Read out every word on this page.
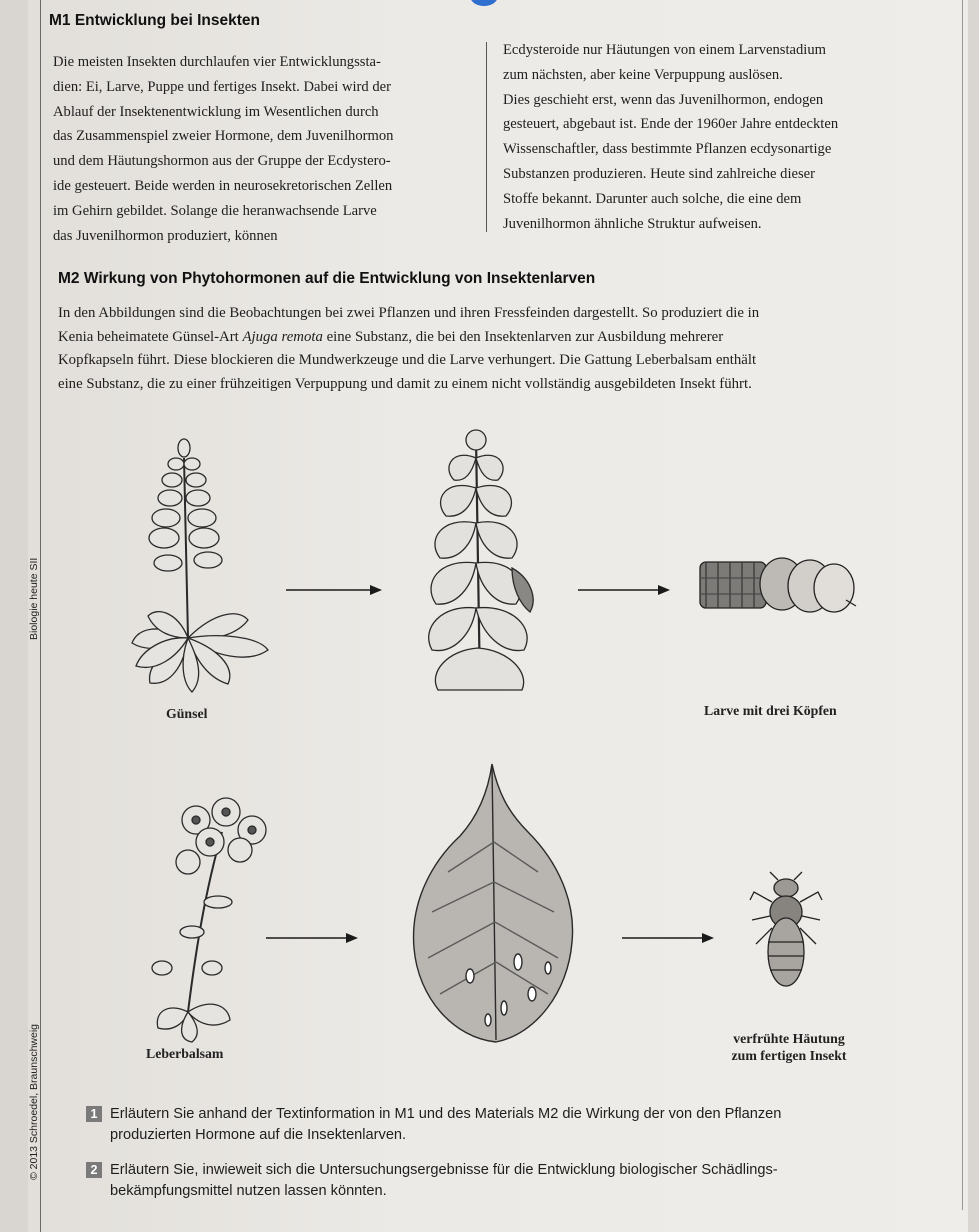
Biologie heute SII
© 2013 Schroedel, Braunschweig
M1 Entwicklung bei Insekten
Die meisten Insekten durchlaufen vier Entwicklungssta-
dien: Ei, Larve, Puppe und fertiges Insekt. Dabei wird der
Ablauf der Insektenentwicklung im Wesentlichen durch
das Zusammenspiel zweier Hormone, dem Juvenilhormon
und dem Häutungshormon aus der Gruppe der Ecdystero-
ide gesteuert. Beide werden in neurosekretorischen Zellen
im Gehirn gebildet. Solange die heranwachsende Larve
das Juvenilhormon produziert, können
Ecdysteroide nur Häutungen von einem Larvenstadium
zum nächsten, aber keine Verpuppung auslösen.
Dies geschieht erst, wenn das Juvenilhormon, endogen
gesteuert, abgebaut ist. Ende der 1960er Jahre entdeckten
Wissenschaftler, dass bestimmte Pflanzen ecdysonartige
Substanzen produzieren. Heute sind zahlreiche dieser
Stoffe bekannt. Darunter auch solche, die eine dem
Juvenilhormon ähnliche Struktur aufweisen.
M2 Wirkung von Phytohormonen auf die Entwicklung von Insektenlarven
In den Abbildungen sind die Beobachtungen bei zwei Pflanzen und ihren Fressfeinden dargestellt. So produziert die in
Kenia beheimatete Günsel-Art Ajuga remota eine Substanz, die bei den Insektenlarven zur Ausbildung mehrerer
Kopfkapseln führt. Diese blockieren die Mundwerkzeuge und die Larve verhungert. Die Gattung Leberbalsam enthält
eine Substanz, die zu einer frühzeitigen Verpuppung und damit zu einem nicht vollständig ausgebildeten Insekt führt.
Günsel	Larve mit drei Köpfen
Leberbalsam
verfrühte Häutung
zum fertigen Insekt
1 Erläutern Sie anhand der Textinformation in M1 und des Materials M2 die Wirkung der von den Pflanzen
produzierten Hormone auf die Insektenlarven.
2 Erläutern Sie, inwieweit sich die Untersuchungsergebnisse für die Entwicklung biologischer Schädlings-
bekämpfungsmittel nutzen lassen könnten.
